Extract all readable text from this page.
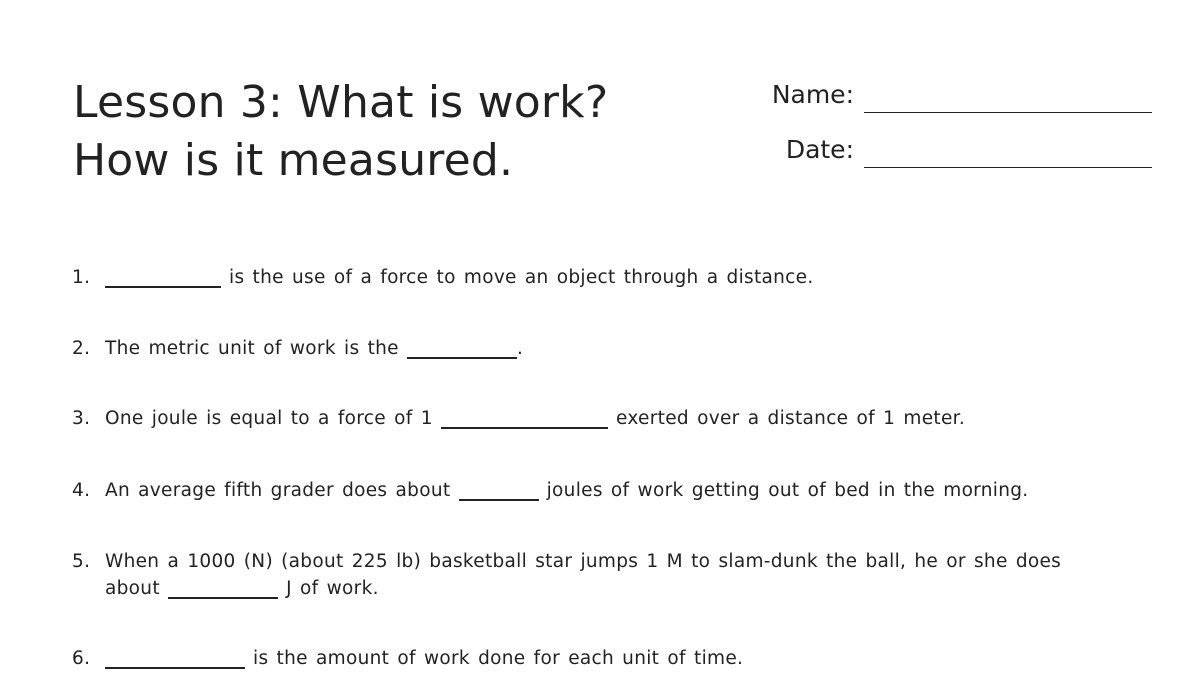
Lesson 3: What is work?
How is it measured.
Name:
Date:
1.	is the use of a force to move an object through a distance.
2. The metric unit of work is the	.
3. One joule is equal to a force of 1	exerted over a distance of 1 meter.
4. An average fifth grader does about	joules of work getting out of bed in the morning.
5. When a 1000 (N) (about 225 lb) basketball star jumps 1 M to slam-dunk the ball, he or she does about	J of work.
6.	is the amount of work done for each unit of time.
